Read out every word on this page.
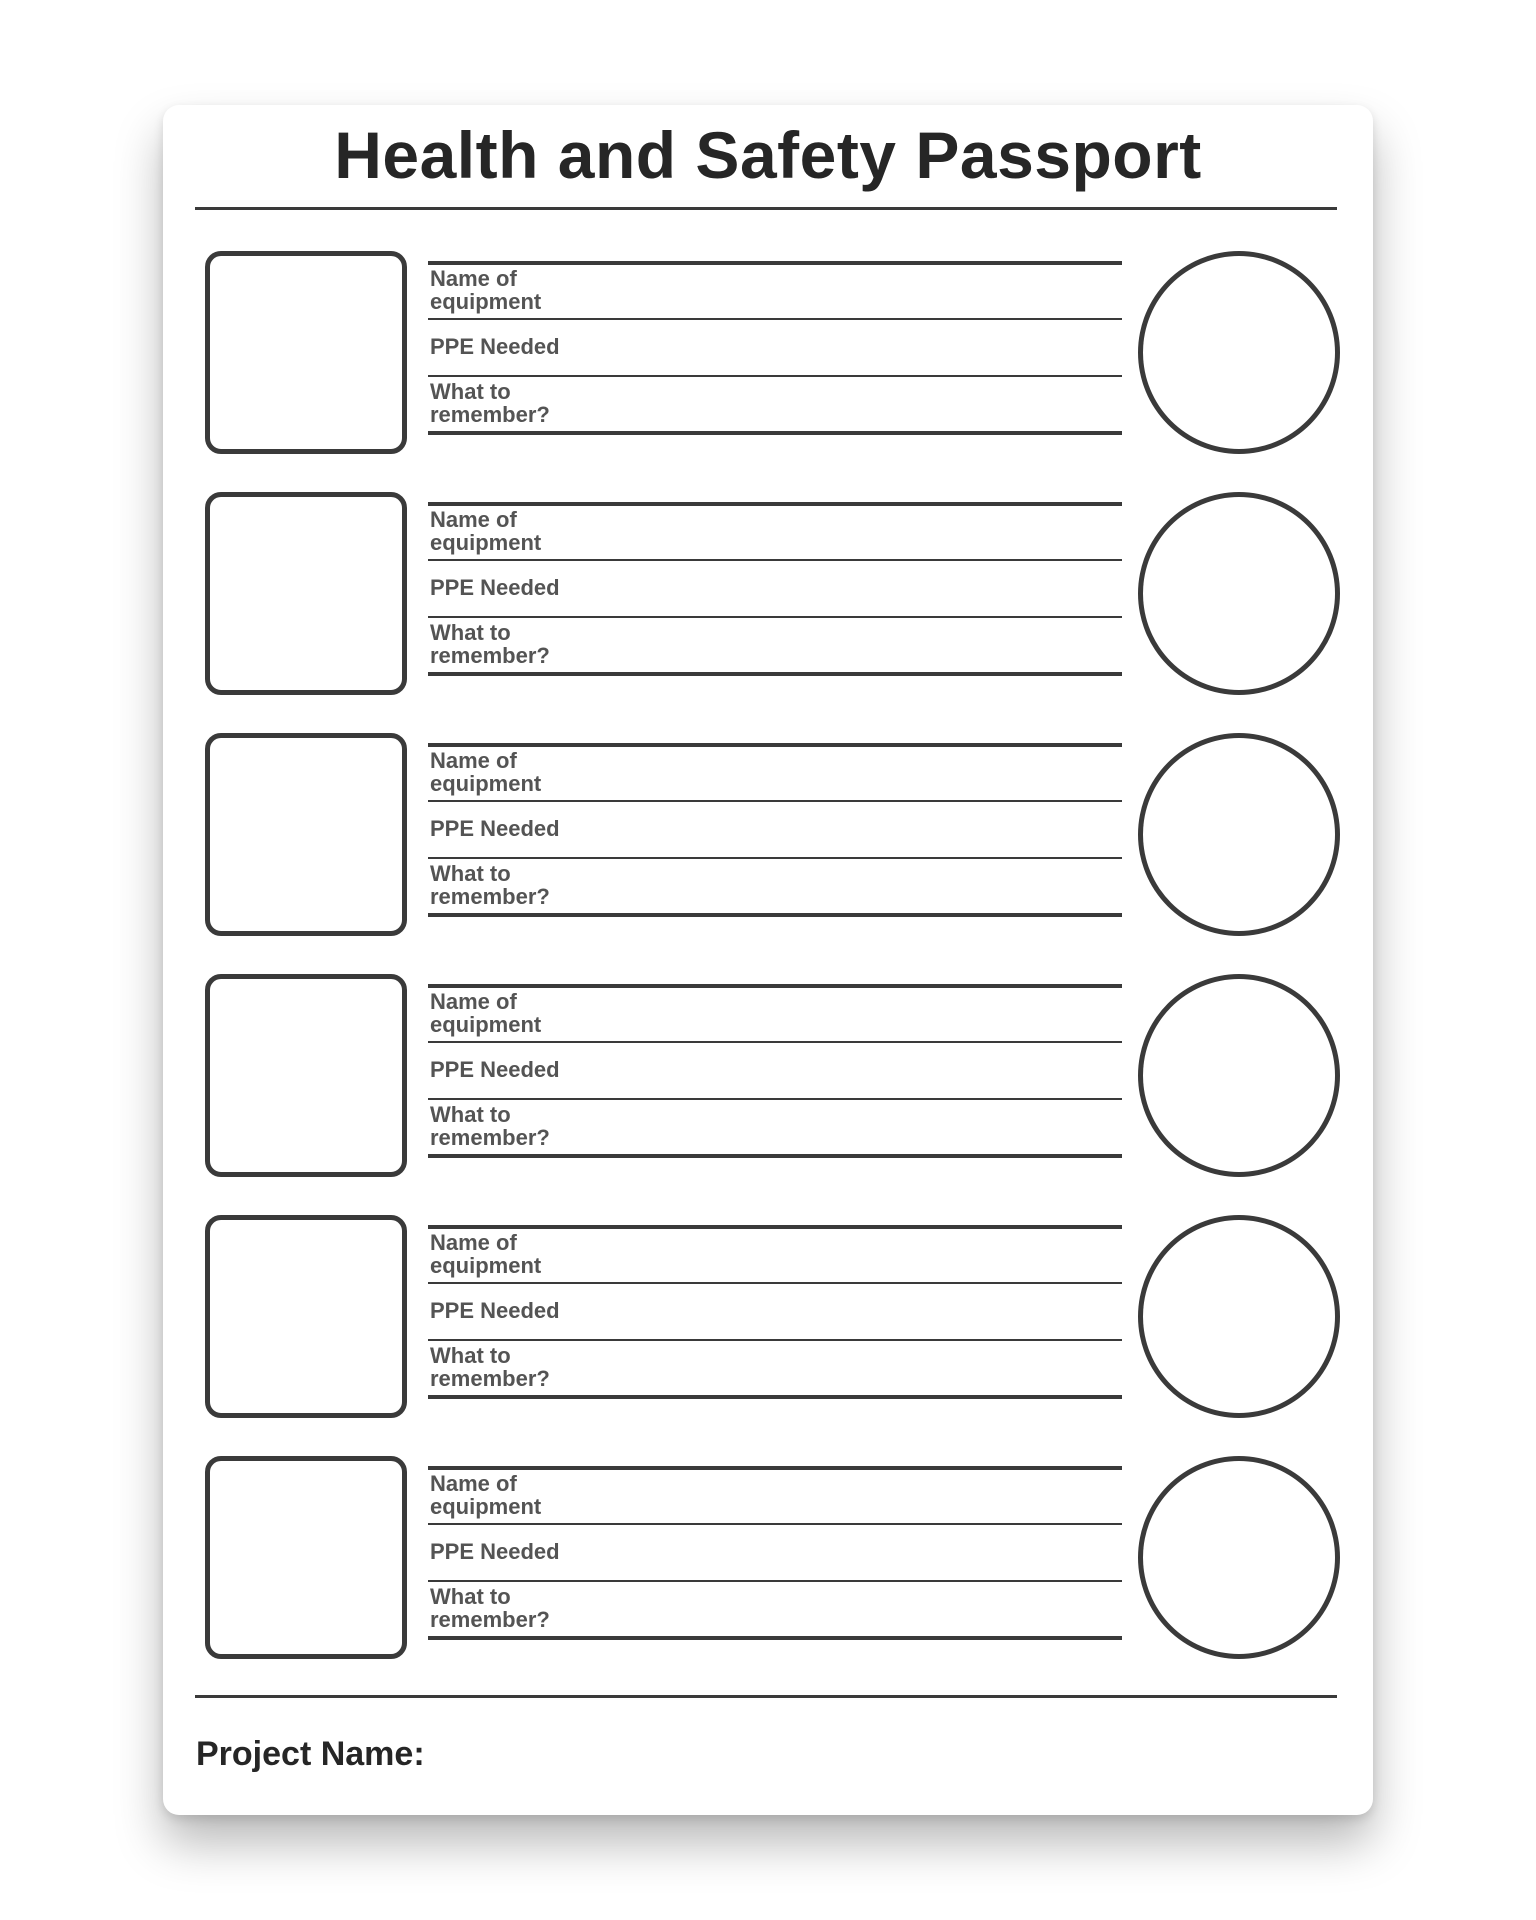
Health and Safety Passport
Name of
equipment
PPE Needed
What to
remember?
Name of
equipment
PPE Needed
What to
remember?
Name of
equipment
PPE Needed
What to
remember?
Name of
equipment
PPE Needed
What to
remember?
Name of
equipment
PPE Needed
What to
remember?
Name of
equipment
PPE Needed
What to
remember?
Project Name:
